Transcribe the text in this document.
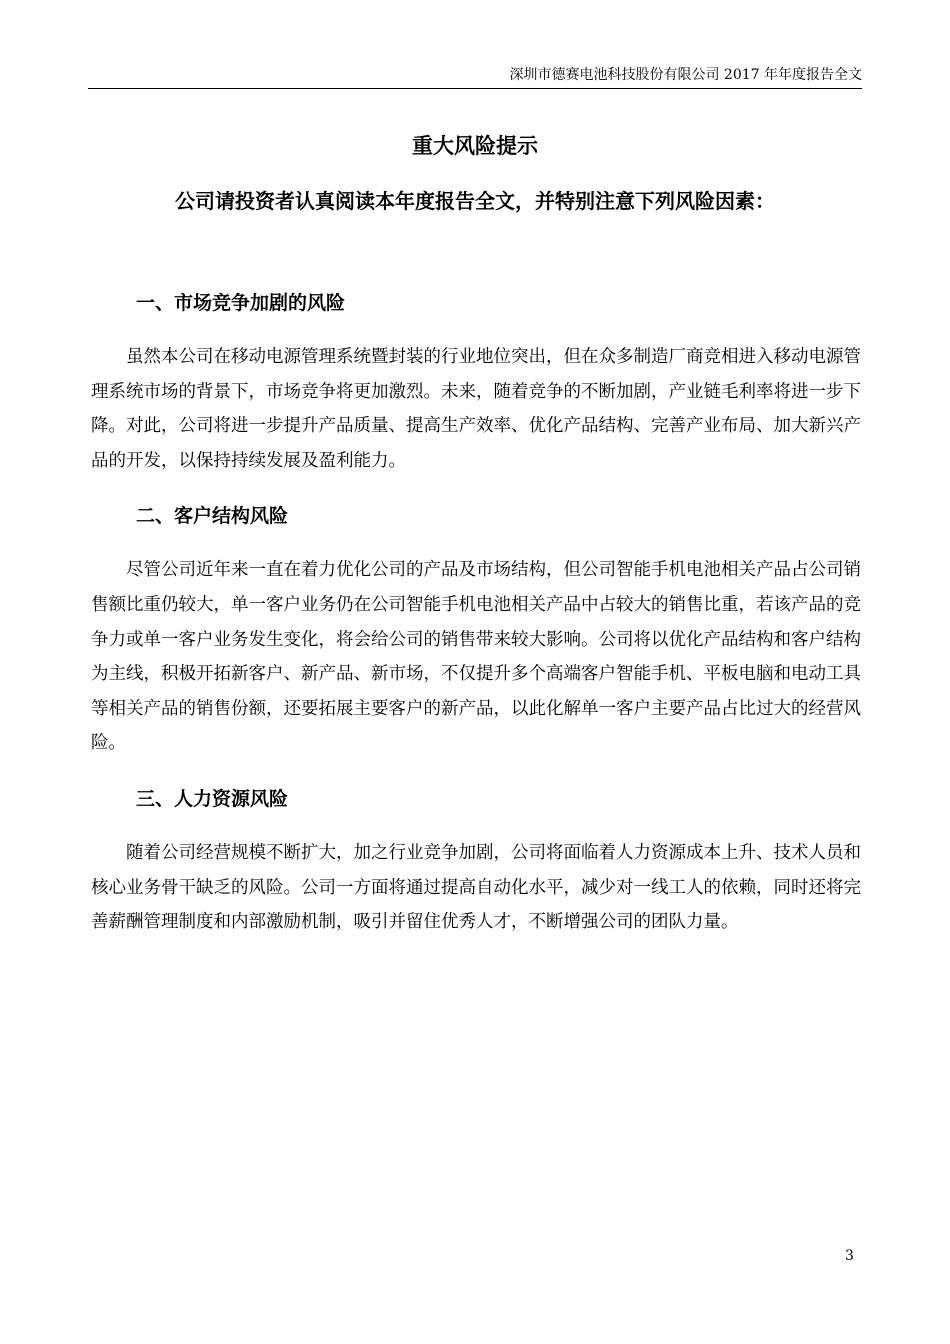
深圳市德赛电池科技股份有限公司 2017 年年度报告全文
重大风险提示
公司请投资者认真阅读本年度报告全文，并特别注意下列风险因素：
一、市场竞争加剧的风险

虽然本公司在移动电源管理系统暨封装的行业地位突出，但在众多制造厂商竞相进入移动电源管理系统市场的背景下，市场竞争将更加激烈。未来，随着竞争的不断加剧，产业链毛利率将进一步下降。对此，公司将进一步提升产品质量、提高生产效率、优化产品结构、完善产业布局、加大新兴产品的开发，以保持持续发展及盈利能力。

二、客户结构风险

尽管公司近年来一直在着力优化公司的产品及市场结构，但公司智能手机电池相关产品占公司销售额比重仍较大，单一客户业务仍在公司智能手机电池相关产品中占较大的销售比重，若该产品的竞争力或单一客户业务发生变化，将会给公司的销售带来较大影响。公司将以优化产品结构和客户结构为主线，积极开拓新客户、新产品、新市场，不仅提升多个高端客户智能手机、平板电脑和电动工具等相关产品的销售份额，还要拓展主要客户的新产品，以此化解单一客户主要产品占比过大的经营风险。

三、人力资源风险

随着公司经营规模不断扩大，加之行业竞争加剧，公司将面临着人力资源成本上升、技术人员和核心业务骨干缺乏的风险。公司一方面将通过提高自动化水平，减少对一线工人的依赖，同时还将完善薪酬管理制度和内部激励机制，吸引并留住优秀人才，不断增强公司的团队力量。

3
